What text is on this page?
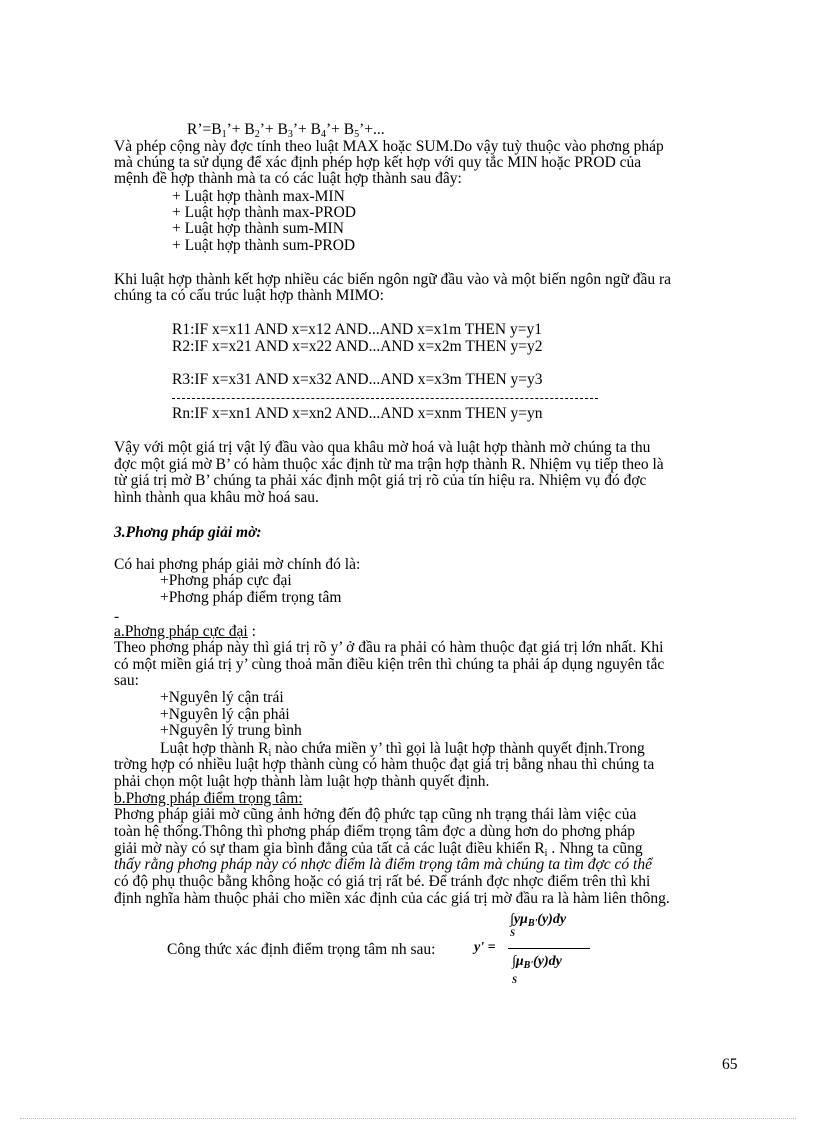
$R’=B_1’+$ $B_2’+$ $B_3’+$ $B_4’+$ $B_5’+$...
Và phép cộng này đợc tính theo luật MAX hoặc SUM.Do vậy tuỳ thuộc vào phơng pháp
mà chúng ta sử dụng để xác định phép hợp kết hợp với quy tắc MIN hoặc PROD của
mệnh đề hợp thành mà ta có các luật hợp thành sau đây:
+ Luật hợp thành max-MIN
+ Luật hợp thành max-PROD
+ Luật hợp thành sum-MIN
+ Luật hợp thành sum-PROD
Khi luật hợp thành kết hợp nhiều các biến ngôn ngữ đầu vào và một biến ngôn ngữ đầu ra
chúng ta có cấu trúc luật hợp thành MIMO:
R1:IF x=x11 AND x=x12 AND...AND x=x1m THEN y=y1
R2:IF x=x21 AND x=x22 AND...AND x=x2m THEN y=y2
R3:IF x=x31 AND x=x32 AND...AND x=x3m THEN y=y3
Rn:IF x=xn1 AND x=xn2 AND...AND x=xnm THEN y=yn
Vậy với một giá trị vật lý đầu vào qua khâu mờ hoá và luật hợp thành mờ chúng ta thu
đợc một giá mờ B’ có hàm thuộc xác định từ ma trận hợp thành R. Nhiệm vụ tiếp theo là
từ giá trị mờ B’ chúng ta phải xác định một giá trị rõ của tín hiệu ra. Nhiệm vụ đó đợc
hình thành qua khâu mờ hoá sau.
3.Phơng pháp giải mờ:
Có hai phơng pháp giải mờ chính đó là:
+Phơng pháp cực đại
+Phơng pháp điểm trọng tâm
-
a.Phơng pháp cực đại :
Theo phơng pháp này thì giá trị rõ y’ ở đầu ra phải có hàm thuộc đạt giá trị lớn nhất. Khi
có một miền giá trị y’ cùng thoả mãn điều kiện trên thì chúng ta phải áp dụng nguyên tắc
sau:
+Nguyên lý cận trái
+Nguyên lý cận phải
+Nguyên lý trung bình
Luật hợp thành $R_i$ nào chứa miền y’ thì gọi là luật hợp thành quyết định.Trong
trờng hợp có nhiều luật hợp thành cùng có hàm thuộc đạt giá trị bằng nhau thì chúng ta
phải chọn một luật hợp thành làm luật hợp thành quyết định.
b.Phơng pháp điểm trọng tâm:
Phơng pháp giải mờ cũng ảnh hởng đến độ phức tạp cũng nh trạng thái làm việc của
toàn hệ thống.Thông thì phơng pháp điểm trọng tâm đợc a dùng hơn do phơng pháp
giải mờ này có sự tham gia bình đẳng của tất cả các luật điều khiển $R_i$ . Nhng ta cũng
thấy rằng phơng pháp này có nhợc điểm là điểm trọng tâm mà chúng ta tìm đợc có thể
có độ phụ thuộc bằng không hoặc có giá trị rất bé. Để tránh đợc nhợc điểm trên thì khi
định nghĩa hàm thuộc phải cho miền xác định của các giá trị mờ đầu ra là hàm liên thông.
Công thức xác định điểm trọng tâm nh sau:	y' =
$\int y\mu_{B'}(y)dy$
S
$\int\mu_{B'}(y)dy$
S
65
